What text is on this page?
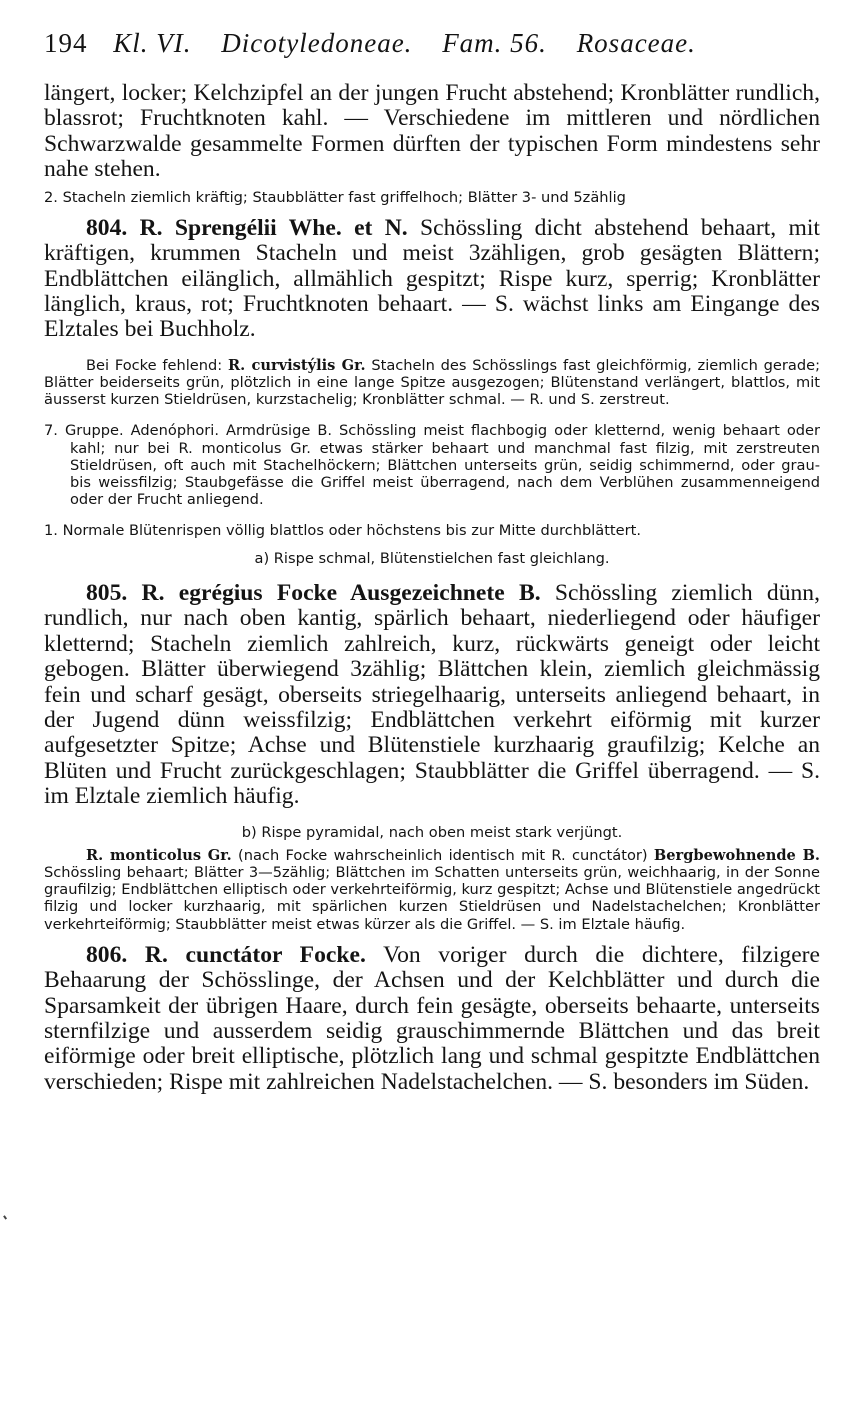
194 Kl. VI. Dicotyledoneae. Fam. 56. Rosaceae.

längert, locker; Kelchzipfel an der jungen Frucht abstehend; Kronblätter rundlich, blassrot; Fruchtknoten kahl. — Verschiedene im mittleren und nördlichen Schwarzwalde gesammelte Formen dürften der typischen Form mindestens sehr nahe stehen.

2. Stacheln ziemlich kräftig; Staubblätter fast griffelhoch; Blätter 3- und 5zählig

804. R. Sprengélii Whe. et N. Schössling dicht abstehend behaart, mit kräftigen, krummen Stacheln und meist 3zähligen, grob gesägten Blättern; Endblättchen eilänglich, allmählich gespitzt; Rispe kurz, sperrig; Kronblätter länglich, kraus, rot; Fruchtknoten behaart. — S. wächst links am Eingange des Elztales bei Buchholz.

Bei Focke fehlend: R. curvistýlis Gr. Stacheln des Schösslings fast gleichförmig, ziemlich gerade; Blätter beiderseits grün, plötzlich in eine lange Spitze ausgezogen; Blütenstand verlängert, blattlos, mit äusserst kurzen Stieldrüsen, kurzstachelig; Kronblätter schmal. — R. und S. zerstreut.

7. Gruppe. Adenóphori. Armdrüsige B. Schössling meist flachbogig oder kletternd, wenig behaart oder kahl; nur bei R. monticolus Gr. etwas stärker behaart und manchmal fast filzig, mit zerstreuten Stieldrüsen, oft auch mit Stachelhöckern; Blättchen unterseits grün, seidig schimmernd, oder grau- bis weissfilzig; Staubgefässe die Griffel meist überragend, nach dem Verblühen zusammenneigend oder der Frucht anliegend.

1. Normale Blütenrispen völlig blattlos oder höchstens bis zur Mitte durchblättert.

a) Rispe schmal, Blütenstielchen fast gleichlang.

805. R. egrégius Focke Ausgezeichnete B. Schössling ziemlich dünn, rundlich, nur nach oben kantig, spärlich behaart, niederliegend oder häufiger kletternd; Stacheln ziemlich zahlreich, kurz, rückwärts geneigt oder leicht gebogen. Blätter überwiegend 3zählig; Blättchen klein, ziemlich gleichmässig fein und scharf gesägt, oberseits striegelhaarig, unterseits anliegend behaart, in der Jugend dünn weissfilzig; Endblättchen verkehrt eiförmig mit kurzer aufgesetzter Spitze; Achse und Blütenstiele kurzhaarig graufilzig; Kelche an Blüten und Frucht zurückgeschlagen; Staubblätter die Griffel überragend. — S. im Elztale ziemlich häufig.

b) Rispe pyramidal, nach oben meist stark verjüngt.

R. monticolus Gr. (nach Focke wahrscheinlich identisch mit R. cunctátor) Bergbewohnende B. Schössling behaart; Blätter 3—5zählig; Blättchen im Schatten unterseits grün, weichhaarig, in der Sonne graufilzig; Endblättchen elliptisch oder verkehrteiförmig, kurz gespitzt; Achse und Blütenstiele angedrückt filzig und locker kurzhaarig, mit spärlichen kurzen Stieldrüsen und Nadelstachelchen; Kronblätter verkehrteiförmig; Staubblätter meist etwas kürzer als die Griffel. — S. im Elztale häufig.

806. R. cunctátor Focke. Von voriger durch die dichtere, filzigere Behaarung der Schösslinge, der Achsen und der Kelchblätter und durch die Sparsamkeit der übrigen Haare, durch fein gesägte, oberseits behaarte, unterseits sternfilzige und ausserdem seidig grauschimmernde Blättchen und das breit eiförmige oder breit elliptische, plötzlich lang und schmal gespitzte Endblättchen verschieden; Rispe mit zahlreichen Nadelstachelchen. — S. besonders im Süden.
